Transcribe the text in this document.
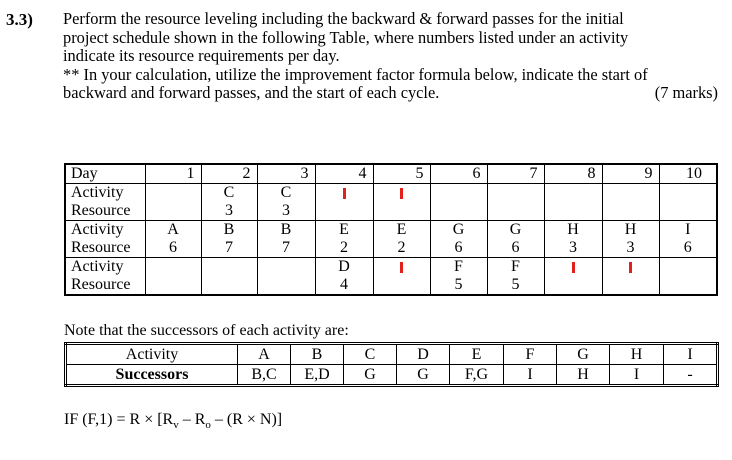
3.3) Perform the resource leveling including the backward & forward passes for the initial
project schedule shown in the following Table, where numbers listed under an activity
indicate its resource requirements per day.
** In your calculation, utilize the improvement factor formula below, indicate the start of
backward and forward passes, and the start of each cycle.	(7 marks)
Day	1	2	3	4	5	6	7	8	9	10
Activity		C	C							
Resource		3	3							
Activity	A	B	B	E	E	G	G	H	H	I
Resource	6	7	7	2	2	6	6	3	3	6
Activity				D		F	F			
Resource				4		5	5			
Note that the successors of each activity are:
Activity	A	B	C	D	E	F	G	H	I
Successors	B,C	E,D	G	G	F,G	I	H	I	-
IF $(F,1) = R \times [R_v - R_o - (R \times N)]$
